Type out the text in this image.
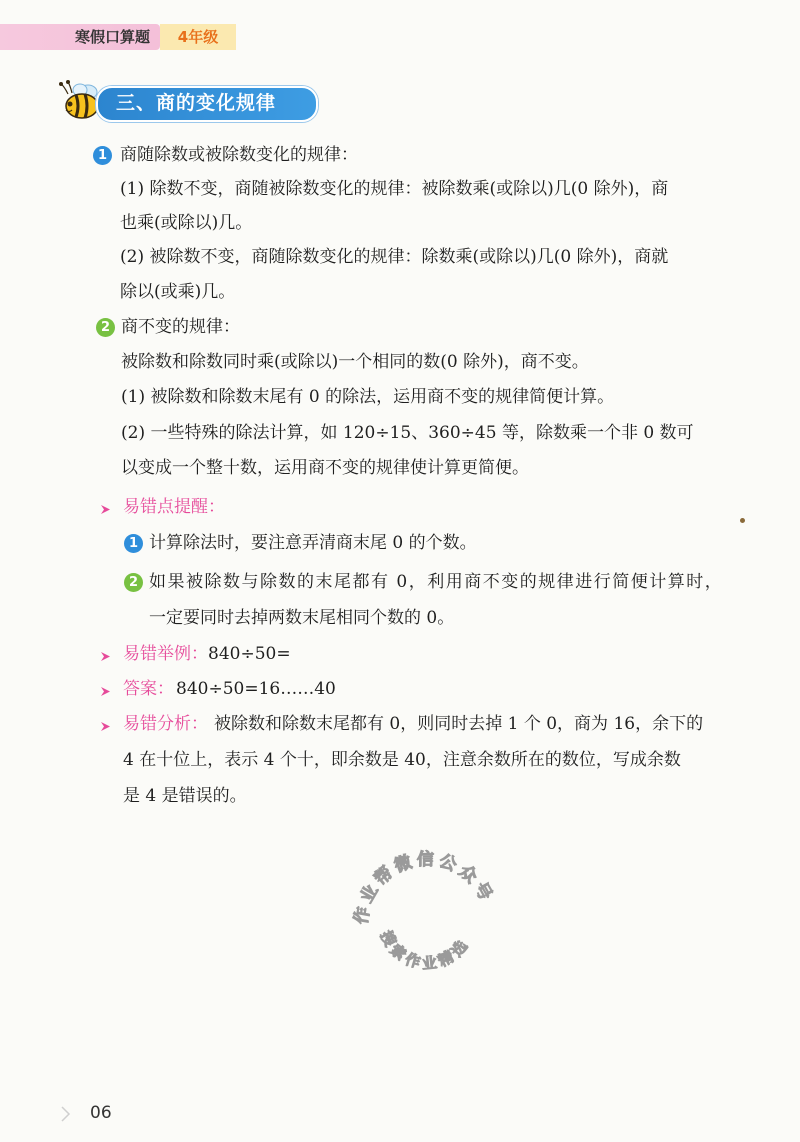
寒假口算题	4年级
三、商的变化规律
1 商随除数或被除数变化的规律：
(1) 除数不变，商随被除数变化的规律：被除数乘(或除以)几(0 除外)，商
也乘(或除以)几。
(2) 被除数不变，商随除数变化的规律：除数乘(或除以)几(0 除外)，商就
除以(或乘)几。
2 商不变的规律：
被除数和除数同时乘(或除以)一个相同的数(0 除外)，商不变。
(1) 被除数和除数末尾有 0 的除法，运用商不变的规律简便计算。
(2) 一些特殊的除法计算，如 120÷15、360÷45 等，除数乘一个非 0 数可
以变成一个整十数，运用商不变的规律使计算更简便。
易错点提醒：
1 计算除法时，要注意弄清商末尾 0 的个数。
2 如果被除数与除数的末尾都有 0，利用商不变的规律进行简便计算时，
一定要同时去掉两数末尾相同个数的 0。
易错举例： 840÷50=
答案： 840÷50=16……40
易错分析： 被除数和除数末尾都有 0，则同时去掉 1 个 0，商为 16，余下的
4 在十位上，表示 4 个十，即余数是 40，注意余数所在的数位，写成余数
是 4 是错误的。
作业帮微信公众号
搜索作业精选
06
